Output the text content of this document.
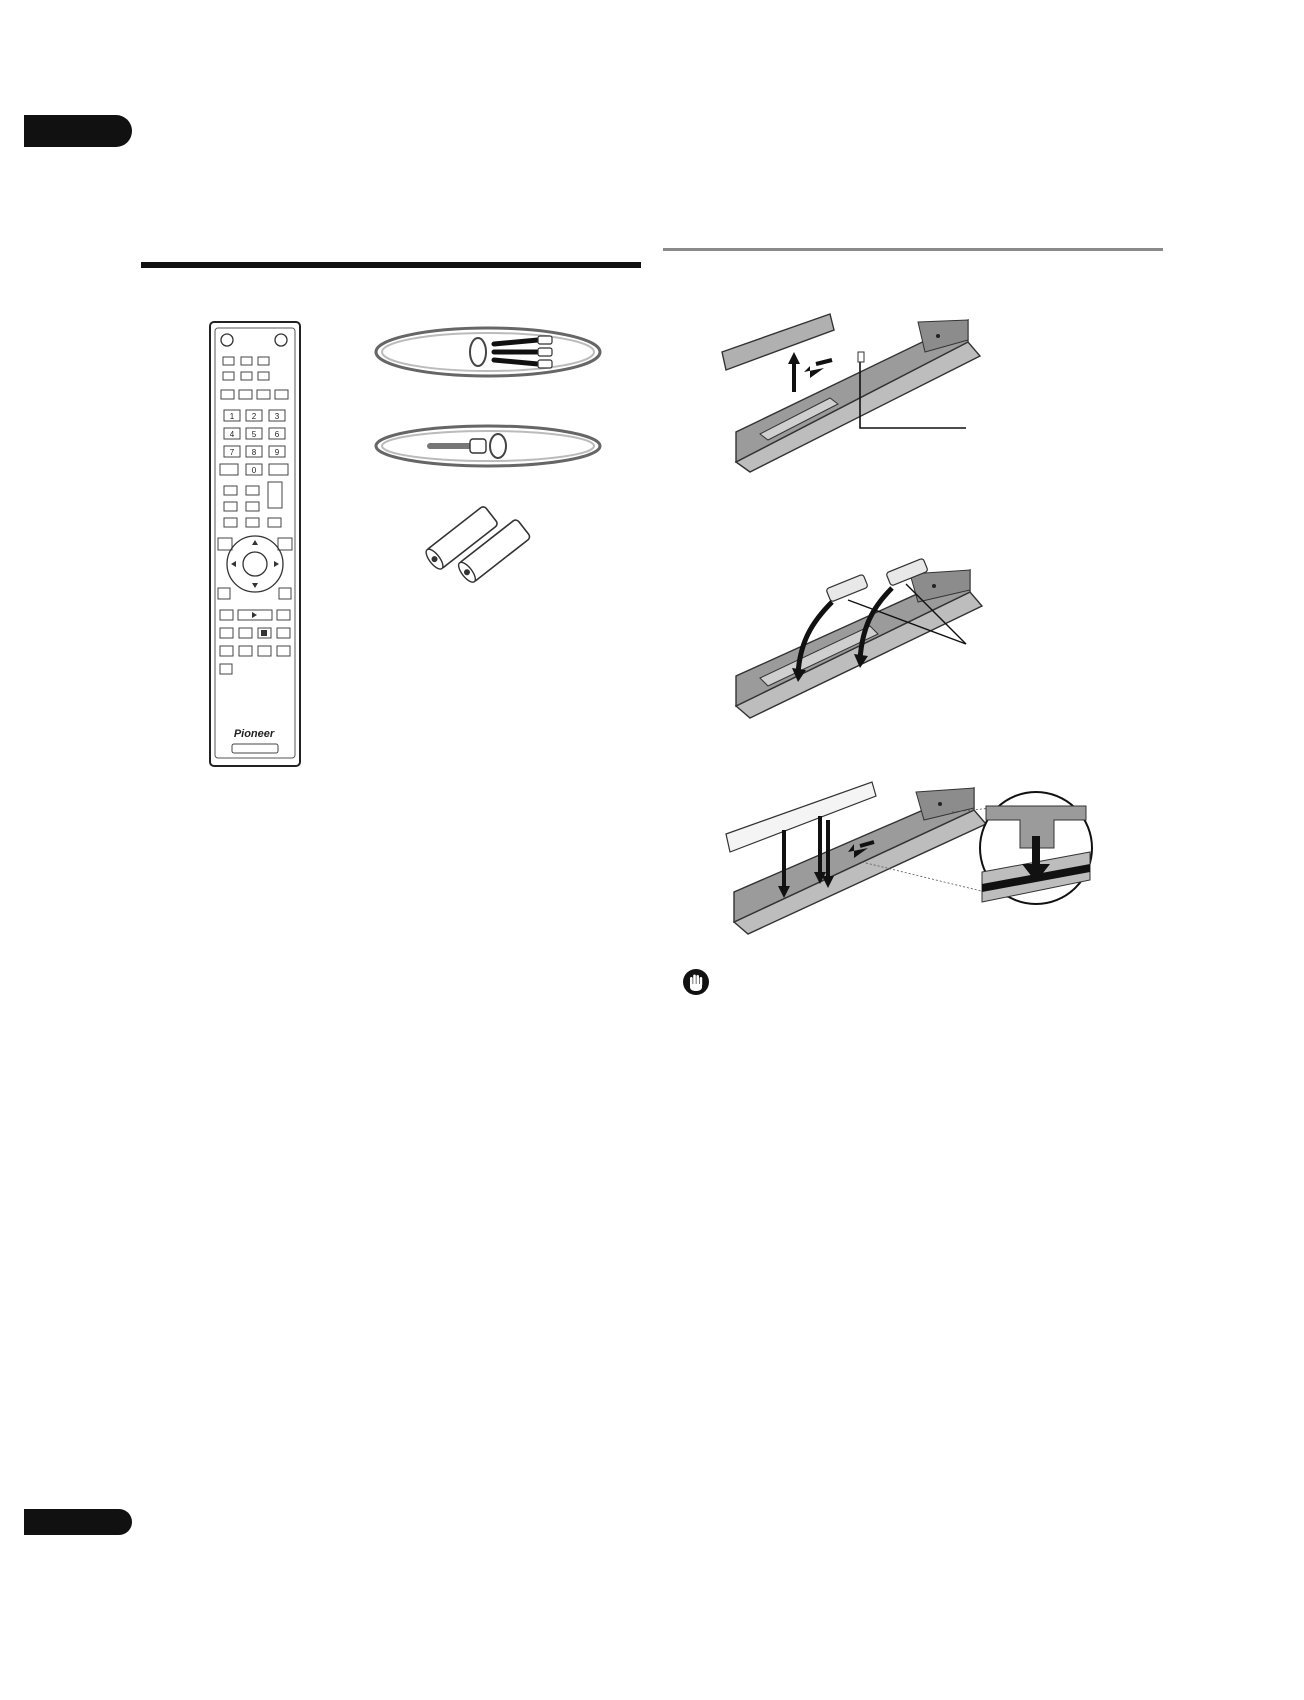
1 2 3
4 5 6
7 8 9
0
Pioneer
